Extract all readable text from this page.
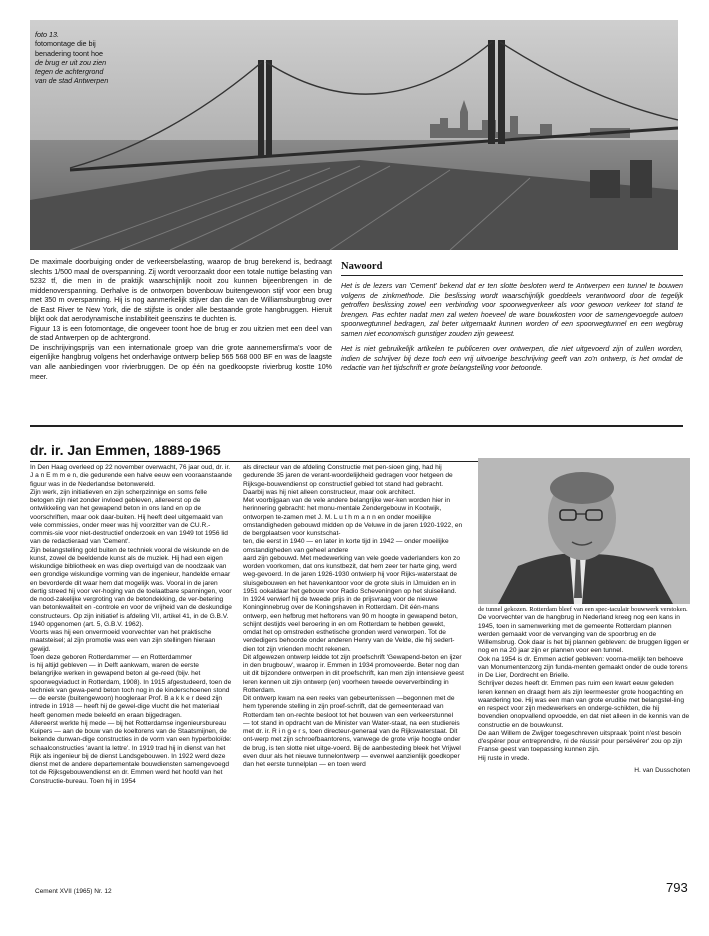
foto 13.
fotomontage die bij
benadering toont hoe
de brug er uit zou zien
tegen de achtergrond
van de stad Antwerpen

De maximale doorbuiging onder de verkeersbelasting, waarop de brug berekend is, bedraagt slechts 1/500 maal de overspanning. Zij wordt veroorzaakt door een totale nuttige belasting van 5232 tf, die men in de praktijk waarschijnlijk nooit zou kunnen bijeenbrengen in de middenoverspanning. Derhalve is de ontworpen bovenbouw buitengewoon stijf voor een brug met 350 m overspanning. Hij is nog aanmerkelijk stijver dan die van de Williamsburgbrug over de East River te New York, die de stijfste is onder alle bestaande grote hangbruggen. Hieruit blijkt ook dat aerodynamische instabiliteit geenszins te duchten is.

Figuur 13 is een fotomontage, die ongeveer toont hoe de brug er zou uitzien met een deel van de stad Antwerpen op de achtergrond.

De inschrijvingsprijs van een internationale groep van drie grote aannemersfirma's voor de eigenlijke hangbrug volgens het onderhavige ontwerp beliep 565 568 000 BF en was de laagste van alle aanbiedingen voor rivierbruggen. De op één na goedkoopste rivierbrug kostte 10% meer.

Nawoord

Het is de lezers van 'Cement' bekend dat er ten slotte besloten werd te Antwerpen een tunnel te bouwen volgens de zinkmethode. Die beslissing wordt waarschijnlijk goeddeels verantwoord door de tegelijk getroffen beslissing zowel een verbinding voor spoorwegverkeer als voor gewoon verkeer tot stand te brengen. Pas echter nadat men zal weten hoeveel de ware bouwkosten voor de samengevoegde autoen spoorwegtunnel bedragen, zal beter uitgemaakt kunnen worden of een spoorwegtunnel en een wegbrug samen niet economisch gunstiger zouden zijn geweest.

Het is niet gebruikelijk artikelen te publiceren over ontwerpen, die niet uitgevoerd zijn of zullen worden, indien de schrijver bij deze toch een vrij uitvoerige beschrijving geeft van zo'n ontwerp, is het omdat de redactie van het tijdschrift er grote belangstelling voor betoonde.

dr. ir. Jan Emmen, 1889-1965
In Den Haag overleed op 22 november overwacht, 76 jaar oud, dr. ir. J a n E m m e n, die gedurende een halve eeuw een vooraanstaande figuur was in de Nederlandse betonwereld.
Zijn werk, zijn initiatieven en zijn scherpzinnige en soms felle betogen zijn niet zonder invloed gebleven, allereerst op de ontwikkeling van het gewapend beton in ons land en op de voorschriften, maar ook daar-buiten. Hij heeft deel uitgemaakt van vele commissies, onder meer was hij voorzitter van de CU.R.-commis-sie voor niet-destructief onderzoek en van 1949 tot 1956 lid van de redactieraad van 'Cement'.
Zijn belangstelling gold buiten de techniek vooral de wiskunde en de kunst, zowel de beeldende kunst als de muziek. Hij had een eigen wiskundige bibliotheek en was diep overtuigd van de noodzaak van een grondige wiskundige vorming van de ingenieur, handelde ernaar en bevorderde dit waar hem dat mogelijk was. Vooral in de jaren dertig streed hij voor ver-hoging van de toelaatbare spanningen, voor de nood-zakelijke vergroting van de betondekking, de ver-betering van betonkwaliteit en -controle en voor de vrijheid van de deskundige constructeurs. Op zijn initiatief is afdeling VII, artikel 41, in de G.B.V. 1940 opgenomen (art. 5, G.B.V. 1962).
Voorts was hij een onvermoeid voorvechter van het praktische maatsteisel; al zijn promotie was een van zijn stellingen hieraan gewijd.
Toen deze geboren Rotterdammer — en Rotterdammer
is hij altijd gebleven — in Delft aankwam, waren de eerste belangrijke werken in gewapend beton al ge-reed (bijv. het spoorwegviaduct in Rotterdam, 1908). In 1915 afgestudeerd, toen de techniek van gewa-pend beton toch nog in de kinderschoenen stond — de eerste (buitengewoon) hoogleraar Prof. B a k k e r deed zijn intrede in 1918 — heeft hij de gewel-dige vlucht die het materiaal heeft genomen mede beleefd en eraan bijgedragen.
Allereerst werkte hij mede — bij het Rotterdamse ingenieursbureau Kuipers — aan de bouw van de koeltorens van de Staatsmijnen, de bekende dunwan-dige constructies in de vorm van een hyperboloïde: schaalconstructies 'avant la lettre'. In 1919 trad hij in dienst van het Rijk als ingenieur bij de dienst Landsgebouwen. In 1922 werd deze dienst met de andere departementale bouwdiensten samengevoegd
tot de Rijksgebouwendienst en dr. Emmen werd het hoofd van het Constructie-bureau. Toen hij in 1954
als directeur van de afdeling Constructie met pen-sioen ging, had hij gedurende 35 jaren de verant-woordelijkheid gedragen voor hetgeen de Rijksge-bouwendienst op constructief gebied tot stand had gebracht. Daarbij was hij niet alleen constructeur, maar ook architect.
Met voorbijgaan van de vele andere belangrijke wer-ken worden hier in herinnering gebracht: het monu-mentale Zendergebouw in Kootwijk, ontworpen te-zamen met J. M. L u t h m a n n en onder moeilijke omstandigheden gebouwd midden op de Veluwe in de jaren 1920-1922, en de bergplaatsen voor kunstschat-
ten, die eerst in 1940 — en later in korte tijd in 1942 — onder moeilijke omstandigheden van geheel andere
aard zijn gebouwd. Met medewerking van vele goede vaderlanders kon zo worden voorkomen, dat ons kunstbezit, dat hem zeer ter harte ging, werd weg-gevoerd. In de jaren 1926-1930 ontwierp hij voor Rijks-waterstaat de sluisgebouwen en het havenkantoor voor de grote sluis in IJmuiden en in 1951 ookaldaar het gebouw voor Radio Scheveningen op het sluiseiland.
In 1924 verwierf hij de tweede prijs in de prijsvraag voor de nieuwe Koninginnebrug over de Koningshaven in Rotterdam. Dit één-mans ontwerp, een hefbrug met heftorens van 90 m hoogte in gewapend beton, schijnt destijds veel beroering in en om Rotterdam te hebben gewekt, omdat het op omstreden esthetische gronden werd verworpen. Tot de verdedigers behoorde onder anderen Henry van de Velde, die hij sedert-dien tot zijn vrienden mocht rekenen.
Dit afgewezen ontwerp leidde tot zijn proefschrift 'Gewapend-beton en ijzer in den brugbouw', waarop ir. Emmen in 1934 promoveerde. Beter nog dan uit dit bijzondere ontwerpen in dit proefschrift, kan men zijn intensieve geest leren kennen uit zijn ontwerp (en) voorheen tweede oeververbinding in Rotterdam.
Dit ontwerp kwam na een reeks van gebeurtenissen —begonnen met de hem typerende stelling in zijn proef-schrift, dat de gemeenteraad van Rotterdam ten on-rechte besloot tot het bouwen van een verkeerstunnel
— tot stand in opdracht van de Minister van Water-staat, na een studiereis met dr. ir. R i n g e r s, toen directeur-generaal van de Rijkswaterstaat. Dit ont-werp met zijn schroefbaantorens, vanwege de grote vrije hoogte onder de brug, is ten slotte niet uitge-voerd. Bij de aanbesteding bleek het Vrijwel even duur als het nieuwe tunnelontwerp — evenwel aanzienlijk goedkoper dan het eerste tunnelplan — en toen werd

de tunnel gekozen. Rotterdam bleef van een spec-taculair bouwwerk verstoken.

De voorvechter van de hangbrug in Nederland kreeg nog een kans in 1945, toen in samenwerking met de gemeente Rotterdam plannen werden gemaakt voor de vervanging van de spoorbrug en de Willemsbrug. Ook daar is het bij plannen gebleven: de bruggen liggen er nog en na 20 jaar zijn er plannen voor een tunnel.
Ook na 1954 is dr. Emmen actief gebleven: voorna-melijk ten behoeve van Monumentenzorg zijn funda-menten gemaakt onder de oude torens in De Lier, Dordrecht en Brielle.
Schrijver dezes heeft dr. Emmen pas ruim een kwart eeuw geleden leren kennen en draagt hem als zijn leermeester grote hoogachting en waardering toe. Hij was een man van grote eruditie met belangstel-ling en respect voor zijn medewerkers en onderge-schikten, die hij bovendien onopvallend opvoedde, en dat niet alleen in de kennis van de constructie en de bouwkunst.
De aan Willem de Zwijger toegeschreven uitspraak 'point n'est besoin d'espérer pour entreprendre, ni de réussir pour persévérer' zou op zijn Franse geest van toepassing kunnen zijn.
Hij ruste in vrede.

H. van Dusschoten

Cement XVII (1965) Nr. 12	793
